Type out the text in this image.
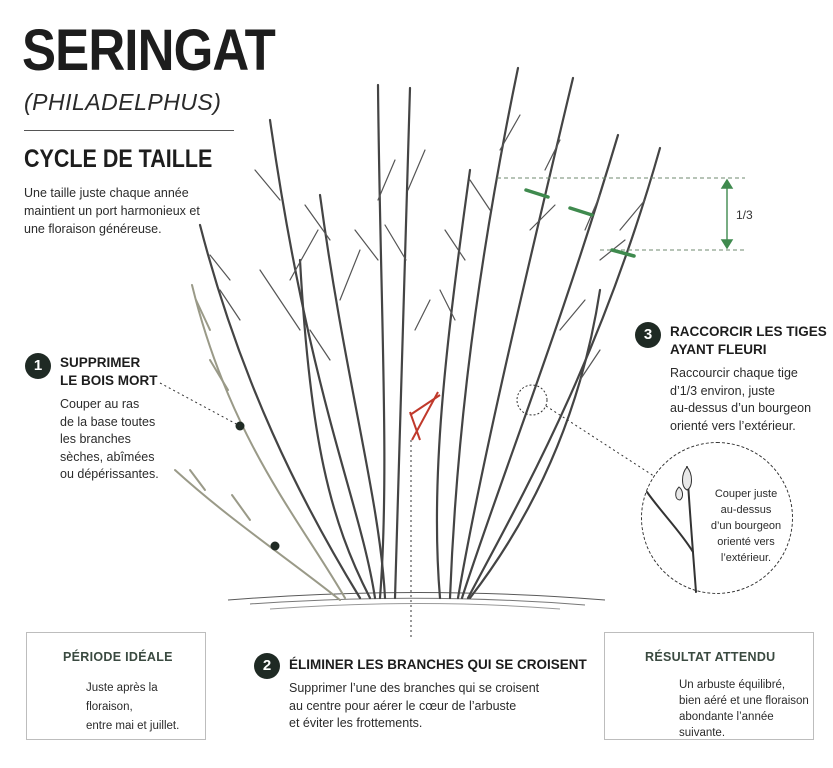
SERINGAT
(PHILADELPHUS)
CYCLE DE TAILLE
Une taille juste chaque année maintient un port harmonieux et une floraison généreuse.
1	SUPPRIMER
LE BOIS MORT
Couper au ras
de la base toutes
les branches
sèches, abîmées
ou dépérissantes.
3	RACCORCIR LES TIGES
AYANT FLEURI
Raccourcir chaque tige
d’1/3 environ, juste
au-dessus d’un bourgeon
orienté vers l’extérieur.
1/3
Couper juste
au-dessus
d’un bourgeon
orienté vers
l’extérieur.
2	ÉLIMINER LES BRANCHES QUI SE CROISENT
Supprimer l’une des branches qui se croisent
au centre pour aérer le cœur de l’arbuste
et éviter les frottements.
PÉRIODE IDÉALE
Juste après la floraison,
entre mai et juillet.
RÉSULTAT ATTENDU
Un arbuste équilibré,
bien aéré et une floraison
abondante l’année suivante.
